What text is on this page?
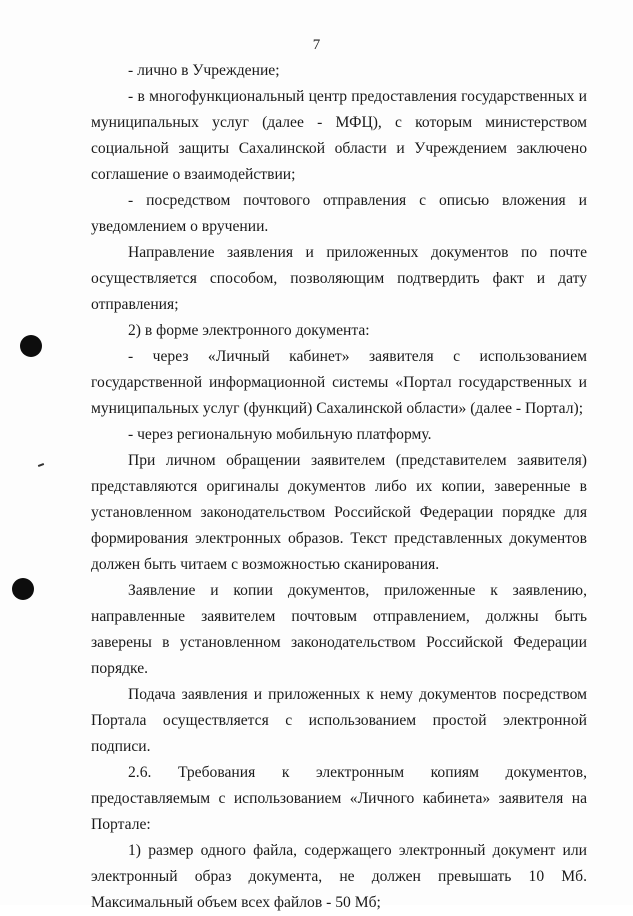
7

- лично в Учреждение;

- в многофункциональный центр предоставления государственных и муниципальных услуг (далее - МФЦ), с которым министерством социальной защиты Сахалинской области и Учреждением заключено соглашение о взаимодействии;

- посредством почтового отправления с описью вложения и уведомлением о вручении.

Направление заявления и приложенных документов по почте осуществляется способом, позволяющим подтвердить факт и дату отправления;

2) в форме электронного документа:

- через «Личный кабинет» заявителя с использованием государственной информационной системы «Портал государственных и муниципальных услуг (функций) Сахалинской области» (далее - Портал);

- через региональную мобильную платформу.

При личном обращении заявителем (представителем заявителя) представляются оригиналы документов либо их копии, заверенные в установленном законодательством Российской Федерации порядке для формирования электронных образов. Текст представленных документов должен быть читаем с возможностью сканирования.

Заявление и копии документов, приложенные к заявлению, направленные заявителем почтовым отправлением, должны быть заверены в установленном законодательством Российской Федерации порядке.

Подача заявления и приложенных к нему документов посредством Портала осуществляется с использованием простой электронной подписи.

2.6. Требования к электронным копиям документов, предоставляемым с использованием «Личного кабинета» заявителя на Портале:

1) размер одного файла, содержащего электронный документ или электронный образ документа, не должен превышать 10 Мб. Максимальный объем всех файлов - 50 Мб;
